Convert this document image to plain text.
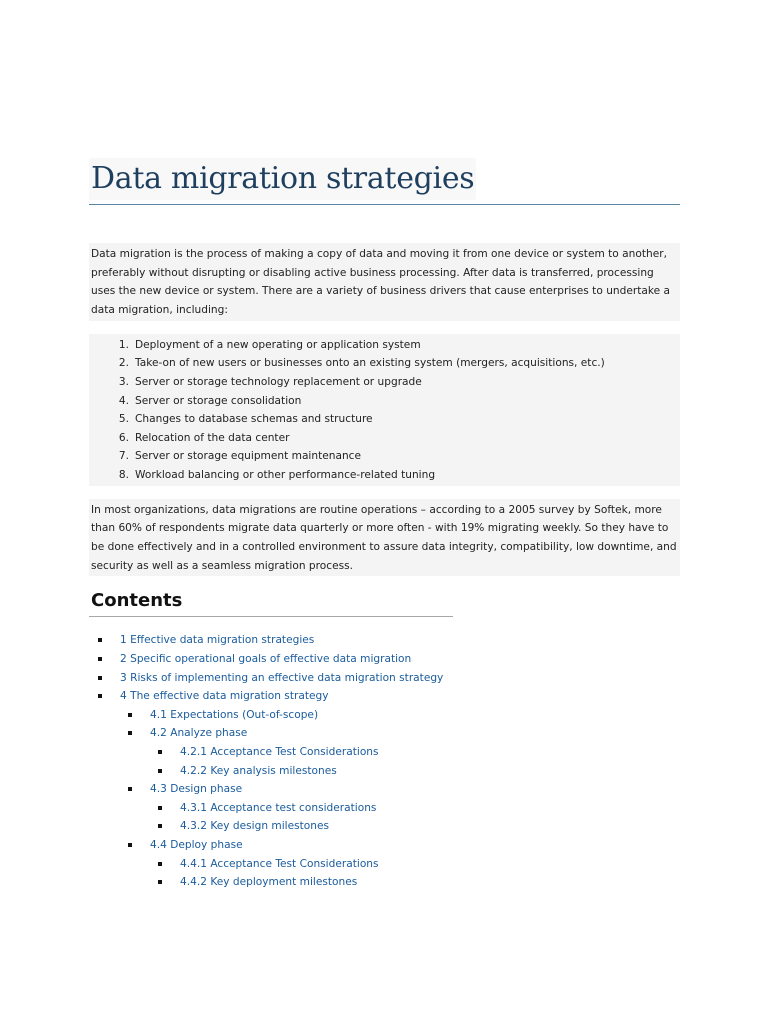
Data migration strategies
Data migration is the process of making a copy of data and moving it from one device or system to another, preferably without disrupting or disabling active business processing. After data is transferred, processing uses the new device or system. There are a variety of business drivers that cause enterprises to undertake a data migration, including:
1. Deployment of a new operating or application system
2. Take-on of new users or businesses onto an existing system (mergers, acquisitions, etc.)
3. Server or storage technology replacement or upgrade
4. Server or storage consolidation
5. Changes to database schemas and structure
6. Relocation of the data center
7. Server or storage equipment maintenance
8. Workload balancing or other performance-related tuning
In most organizations, data migrations are routine operations – according to a 2005 survey by Softek, more than 60% of respondents migrate data quarterly or more often - with 19% migrating weekly. So they have to be done effectively and in a controlled environment to assure data integrity, compatibility, low downtime, and security as well as a seamless migration process.
Contents
1 Effective data migration strategies
2 Specific operational goals of effective data migration
3 Risks of implementing an effective data migration strategy
4 The effective data migration strategy
4.1 Expectations (Out-of-scope)
4.2 Analyze phase
4.2.1 Acceptance Test Considerations
4.2.2 Key analysis milestones
4.3 Design phase
4.3.1 Acceptance test considerations
4.3.2 Key design milestones
4.4 Deploy phase
4.4.1 Acceptance Test Considerations
4.4.2 Key deployment milestones
